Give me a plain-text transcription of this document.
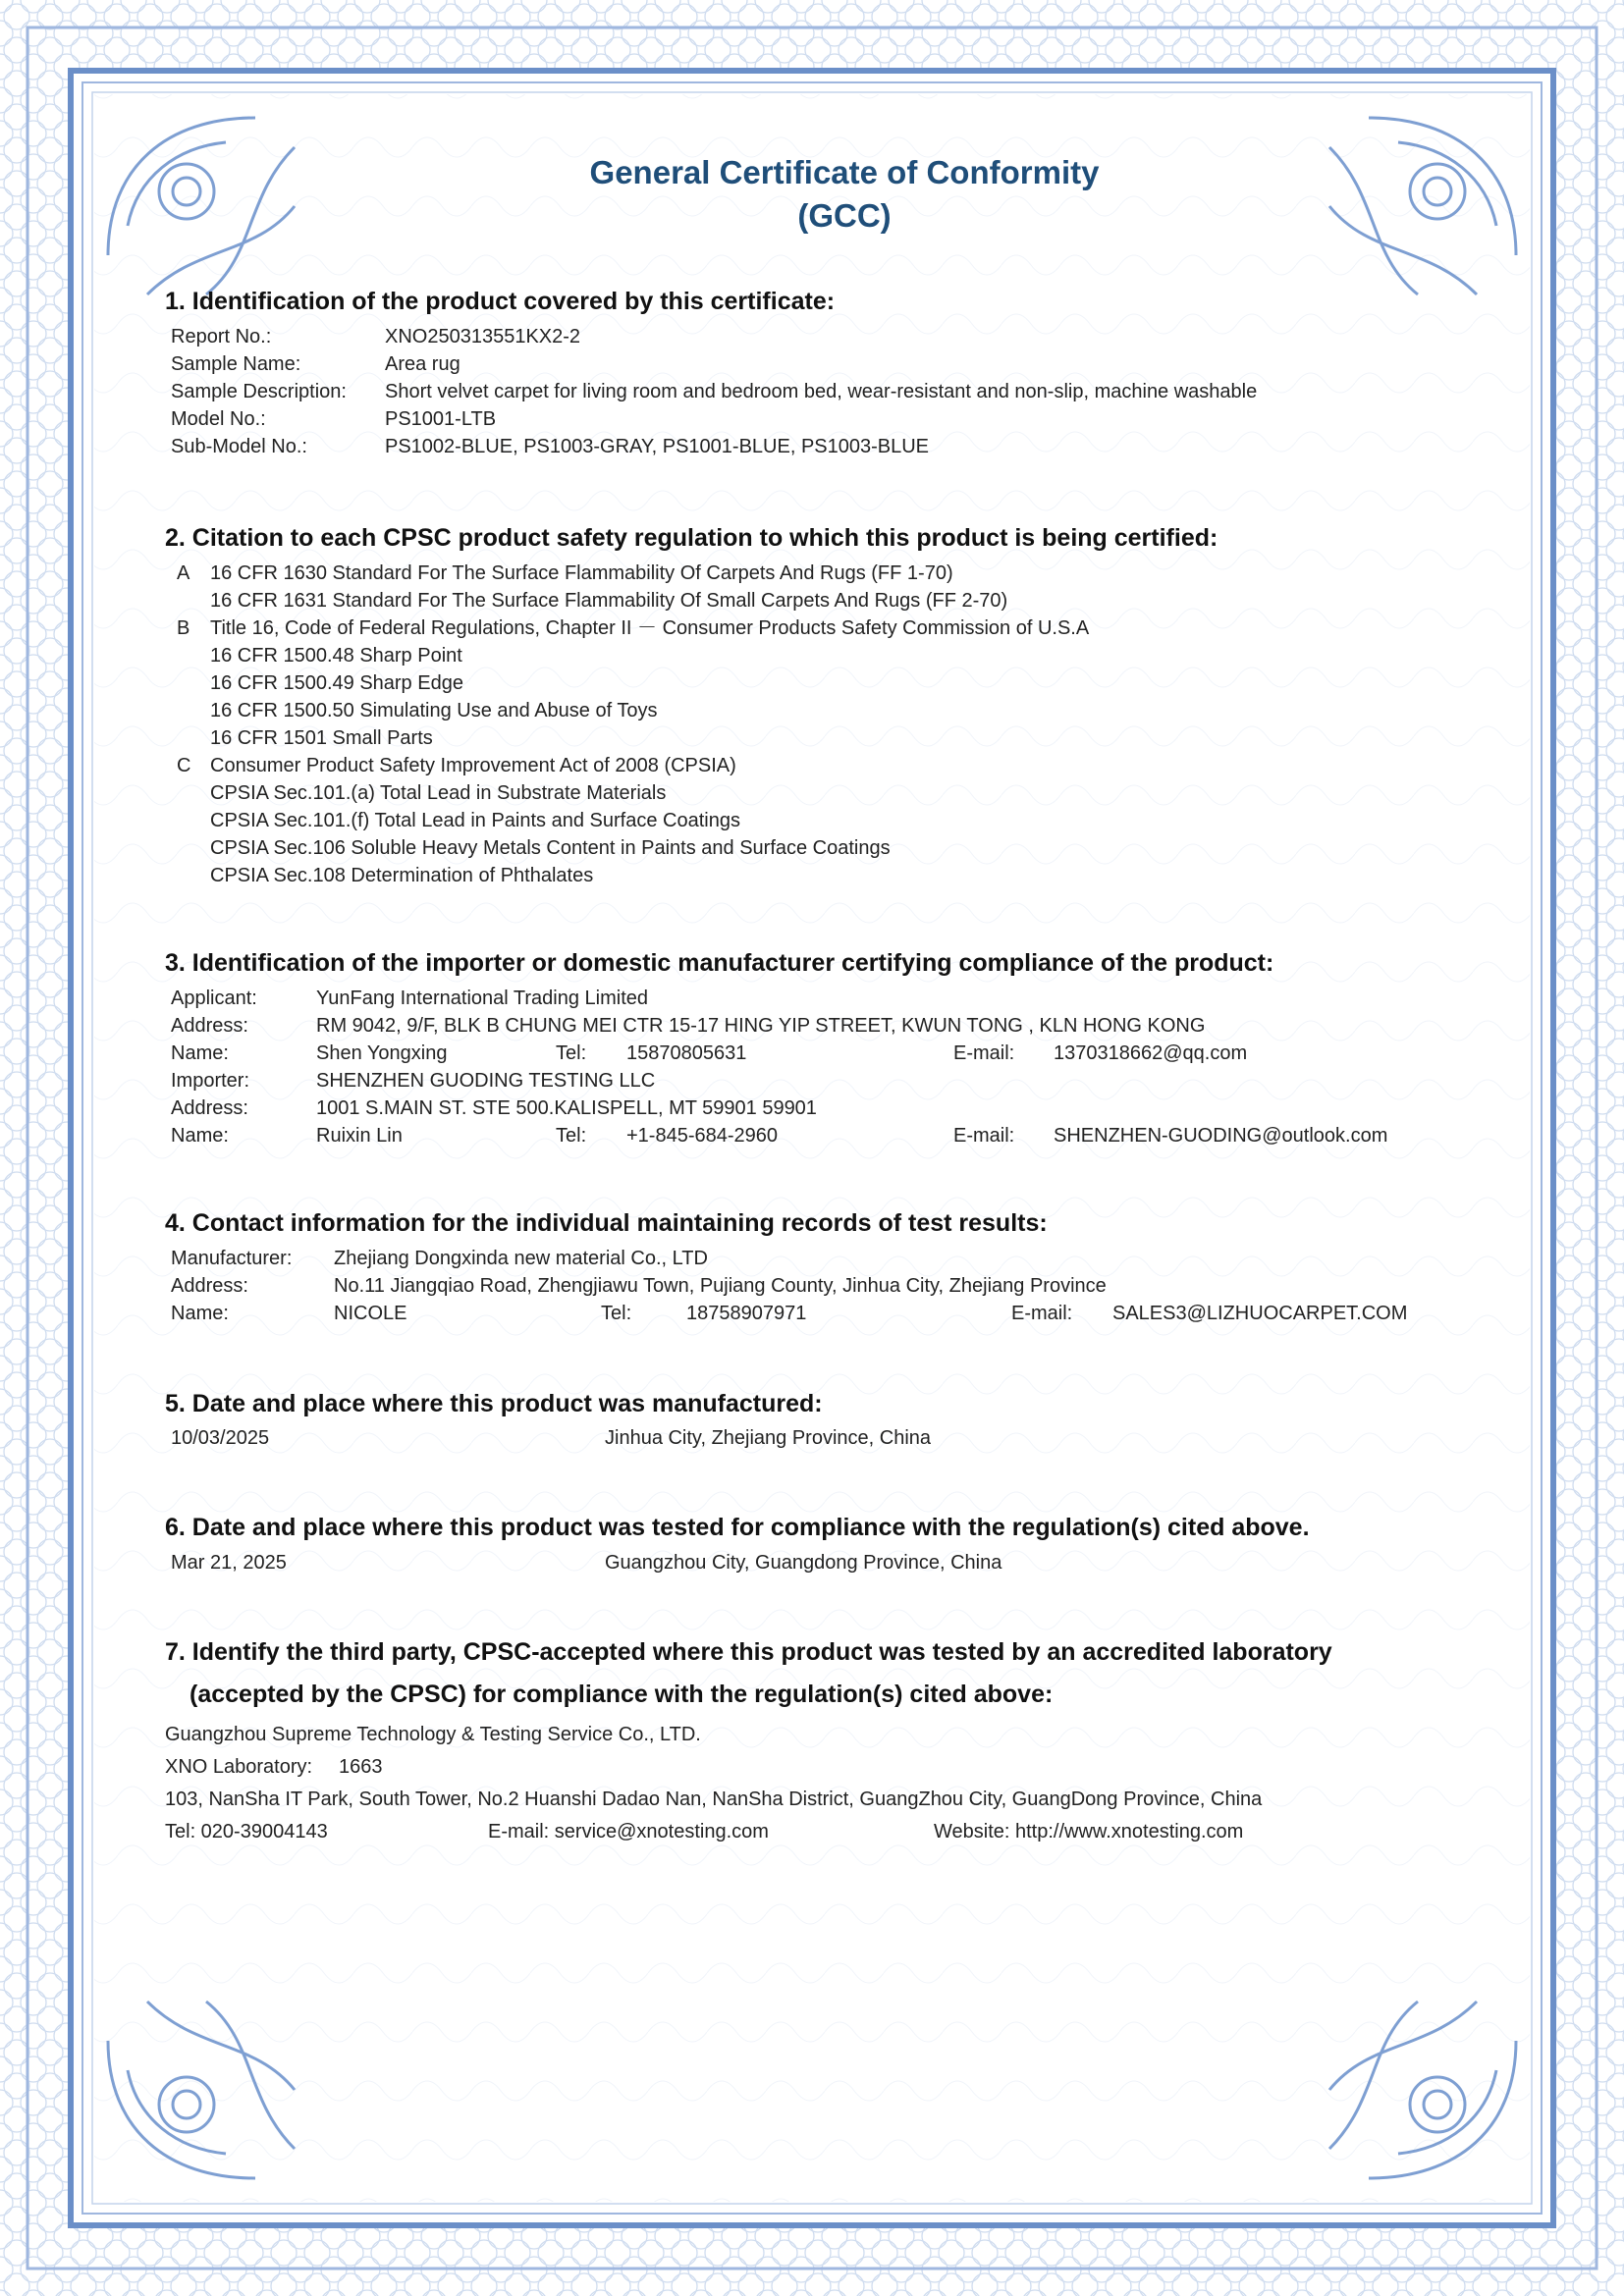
General Certificate of Conformity
(GCC)
1. Identification of the product covered by this certificate:
Report No.:	XNO250313551KX2-2
Sample Name:	Area rug
Sample Description: Short velvet carpet for living room and bedroom bed, wear-resistant and non-slip, machine washable
Model No.:	PS1001-LTB
Sub-Model No.:	PS1002-BLUE, PS1003-GRAY, PS1001-BLUE, PS1003-BLUE
2. Citation to each CPSC product safety regulation to which this product is being certified:
A 16 CFR 1630 Standard For The Surface Flammability Of Carpets And Rugs (FF 1-70)
16 CFR 1631 Standard For The Surface Flammability Of Small Carpets And Rugs (FF 2-70)
B Title 16, Code of Federal Regulations, Chapter II － Consumer Products Safety Commission of U.S.A
16 CFR 1500.48 Sharp Point
16 CFR 1500.49 Sharp Edge
16 CFR 1500.50 Simulating Use and Abuse of Toys
16 CFR 1501 Small Parts
C Consumer Product Safety Improvement Act of 2008 (CPSIA)
CPSIA Sec.101.(a) Total Lead in Substrate Materials
CPSIA Sec.101.(f) Total Lead in Paints and Surface Coatings
CPSIA Sec.106 Soluble Heavy Metals Content in Paints and Surface Coatings
CPSIA Sec.108 Determination of Phthalates
3. Identification of the importer or domestic manufacturer certifying compliance of the product:
Applicant:	YunFang International Trading Limited
Address:	RM 9042, 9/F, BLK B CHUNG MEI CTR 15-17 HING YIP STREET, KWUN TONG , KLN HONG KONG
Name:	Shen Yongxing	Tel: 15870805631	E-mail: 1370318662@qq.com
Importer:	SHENZHEN GUODING TESTING LLC
Address:	1001 S.MAIN ST. STE 500.KALISPELL, MT 59901 59901
Name:	Ruixin Lin	Tel: +1-845-684-2960	E-mail: SHENZHEN-GUODING@outlook.com
4. Contact information for the individual maintaining records of test results:
Manufacturer: Zhejiang Dongxinda new material Co., LTD
Address:	No.11 Jiangqiao Road, Zhengjiawu Town, Pujiang County, Jinhua City, Zhejiang Province
Name:	NICOLE	Tel:	18758907971	E-mail: SALES3@LIZHUOCARPET.COM
5. Date and place where this product was manufactured:
10/03/2025	Jinhua City, Zhejiang Province, China
6. Date and place where this product was tested for compliance with the regulation(s) cited above.
Mar 21, 2025	Guangzhou City, Guangdong Province, China
7. Identify the third party, CPSC-accepted where this product was tested by an accredited laboratory
(accepted by the CPSC) for compliance with the regulation(s) cited above:
Guangzhou Supreme Technology & Testing Service Co., LTD.
XNO Laboratory: 1663
103, NanSha IT Park, South Tower, No.2 Huanshi Dadao Nan, NanSha District, GuangZhou City, GuangDong Province, China
Tel: 020-39004143	E-mail: service@xnotesting.com	Website: http://www.xnotesting.com
